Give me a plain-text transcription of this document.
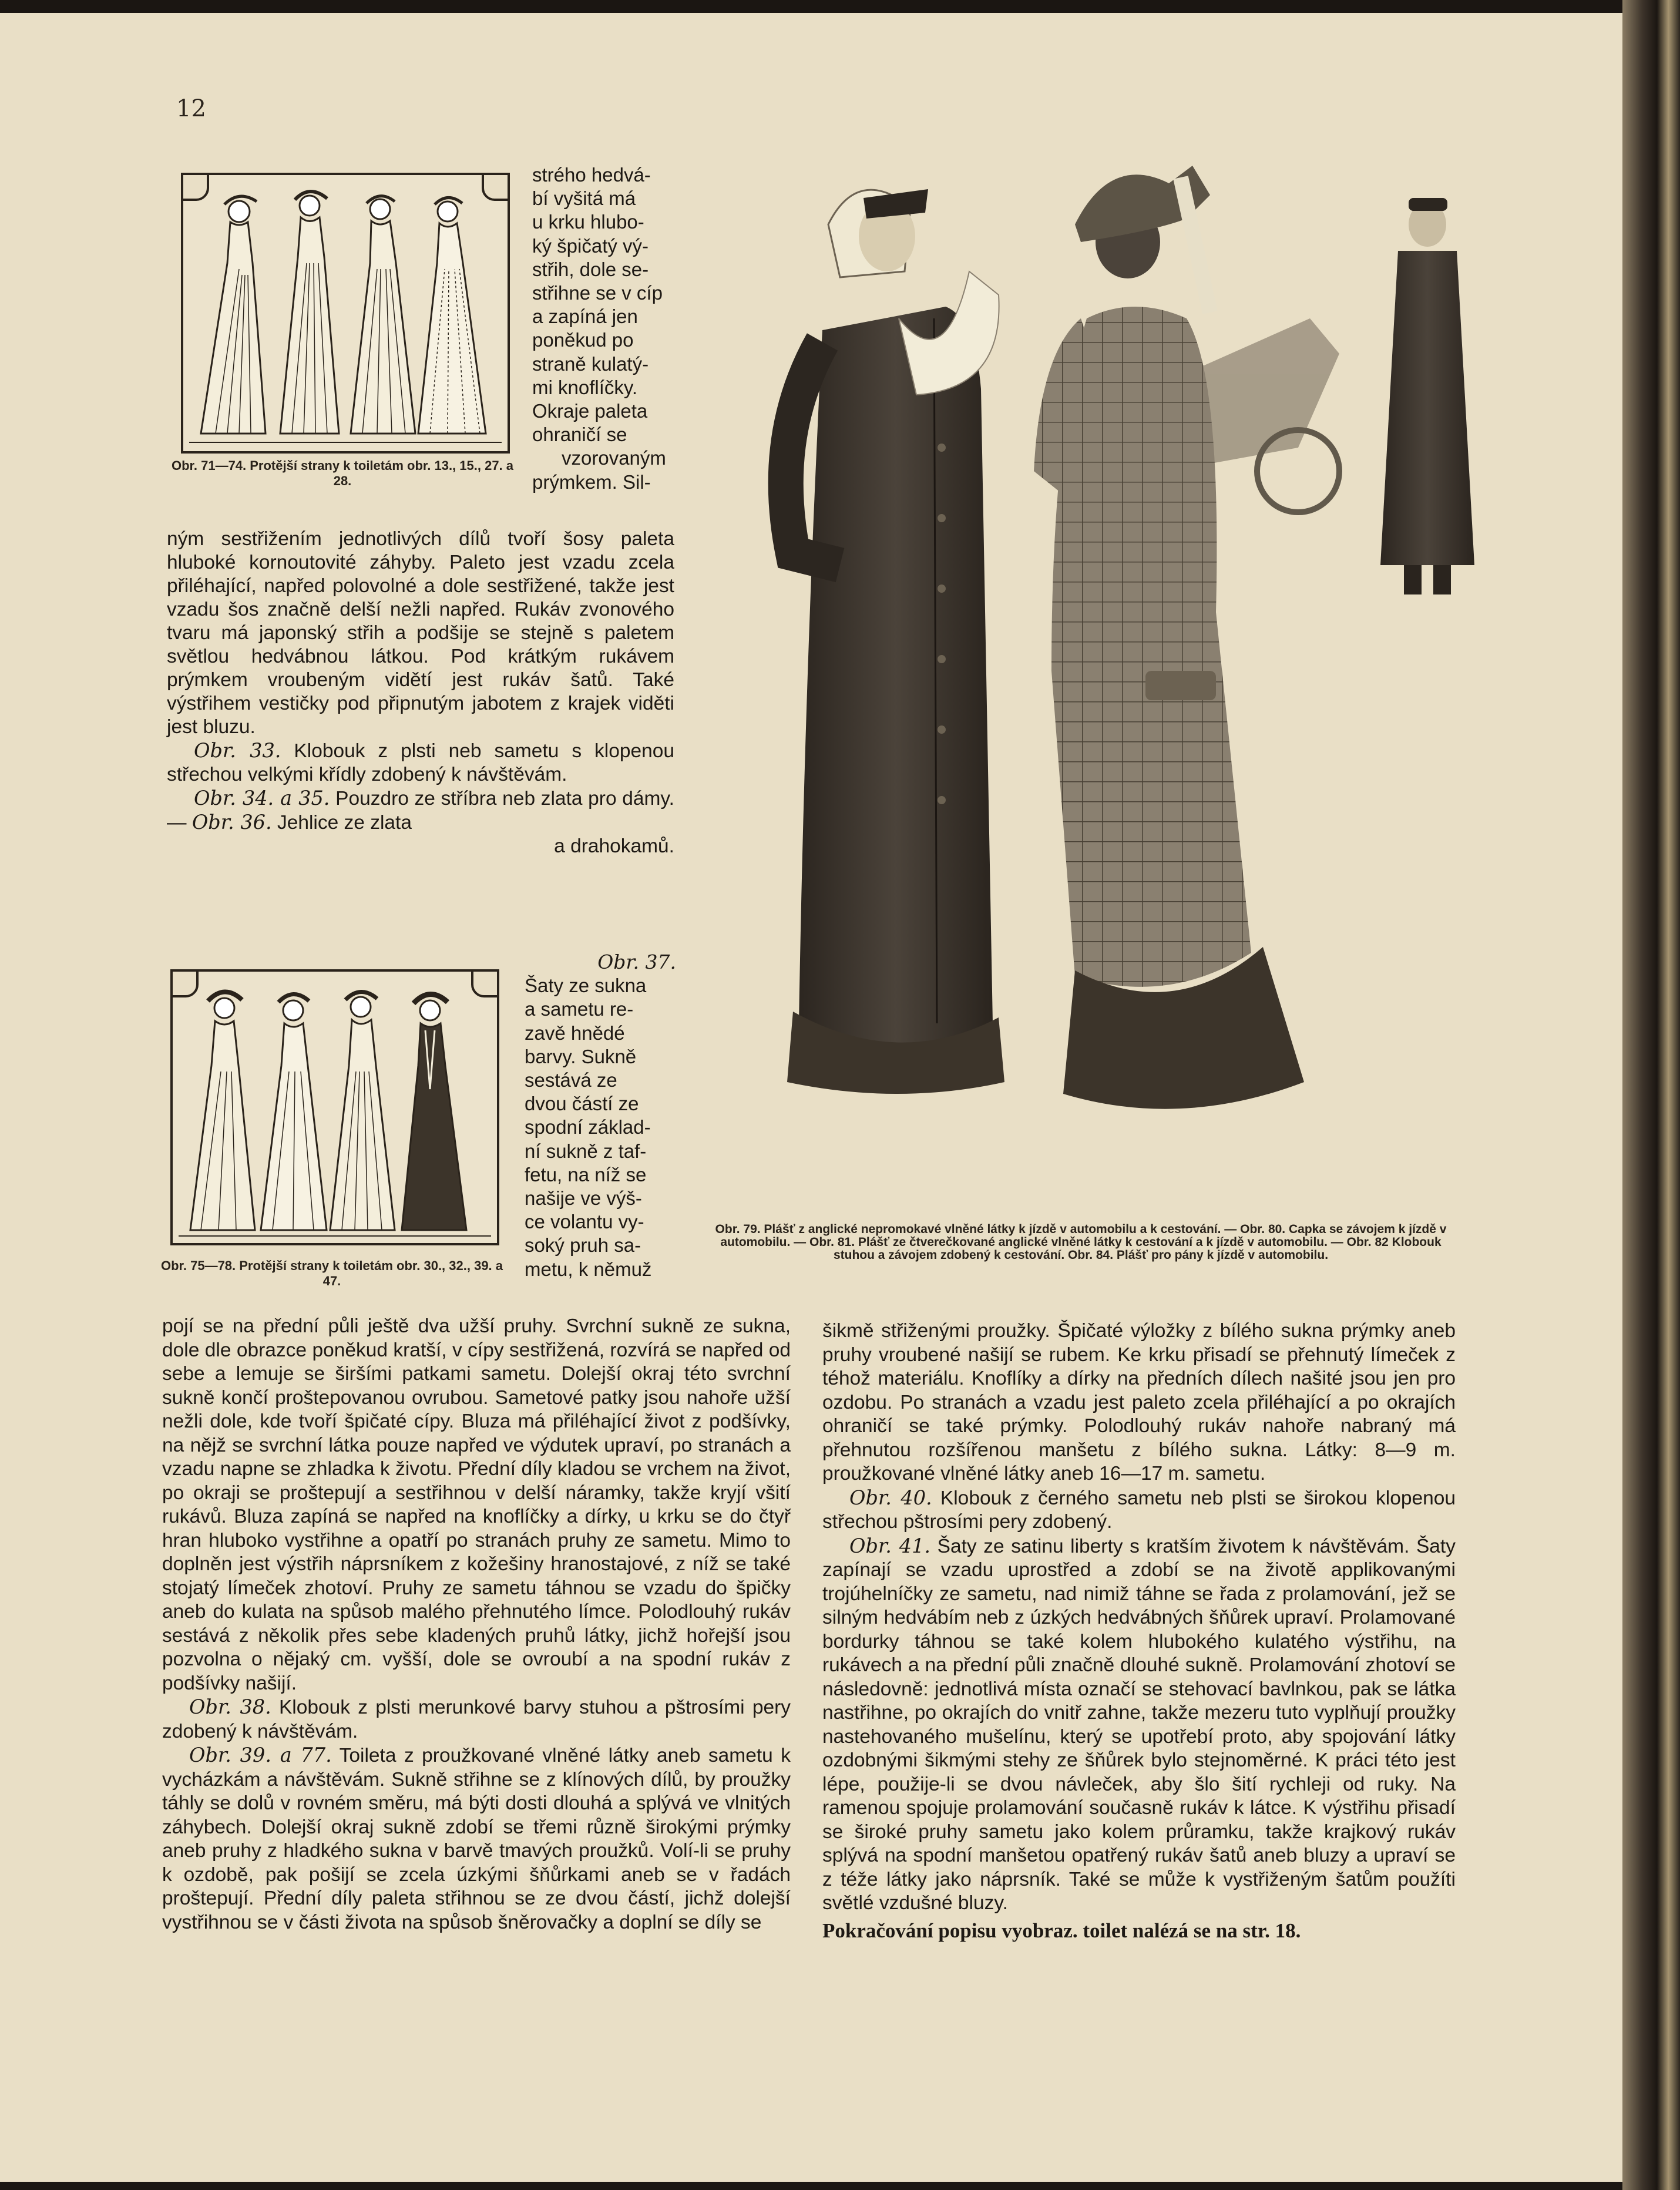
12
Obr. 71—74. Protější strany k toiletám obr. 13., 15., 27. a 28.
strého hedvá-
bí vyšitá má
u krku hlubo-
ký špičatý vý-
střih, dole se-
střihne se v cíp
a zapíná jen
poněkud po
straně kulatý-
mi knoflíčky.
Okraje paleta
ohraničí se
vzorovaným
prýmkem. Sil-

ným sestřižením jednotlivých dílů tvoří šosy paleta hluboké kornoutovité záhyby. Paleto jest vzadu zcela přiléhající, napřed polovolné a dole sestřižené, takže jest vzadu šos značně delší nežli napřed. Rukáv zvonového tvaru má japonský střih a podšije se stejně s paletem světlou hedvábnou látkou. Pod krátkým rukávem prýmkem vroubeným vidětí jest rukáv šatů. Také výstřihem vestičky pod připnutým jabotem z krajek viděti jest bluzu.

Obr. 33. Klobouk z plsti neb sametu s klopenou střechou velkými křídly zdobený k návštěvám.

Obr. 34. a 35. Pouzdro ze stříbra neb zlata pro dámy. — Obr. 36. Jehlice ze zlata

a drahokamů.
Obr. 75—78. Protější strany k toiletám obr. 30., 32., 39. a 47.
Obr. 37.
Šaty ze sukna
a sametu re-
zavě hnědé
barvy. Sukně
sestává ze
dvou částí ze
spodní základ-
ní sukně z taf-
fetu, na níž se
našije ve výš-
ce volantu vy-
soký pruh sa-
metu, k němuž

pojí se na přední půli ještě dva užší pruhy. Svrchní sukně ze sukna, dole dle obrazce poněkud kratší, v cípy sestřižená, rozvírá se napřed od sebe a lemuje se širšími patkami sametu. Dolejší okraj této svrchní sukně končí proštepovanou ovrubou. Sametové patky jsou nahoře užší nežli dole, kde tvoří špičaté cípy. Bluza má přiléhající život z podšívky, na nějž se svrchní látka pouze napřed ve výdutek upraví, po stranách a vzadu napne se zhladka k životu. Přední díly kladou se vrchem na život, po okraji se proštepují a sestřihnou v delší náramky, takže kryjí všití rukávů. Bluza zapíná se napřed na knoflíčky a dírky, u krku se do čtyř hran hluboko vystřihne a opatří po stranách pruhy ze sametu. Mimo to doplněn jest výstřih náprsníkem z kožešiny hranostajové, z níž se také stojatý límeček zhotoví. Pruhy ze sametu táhnou se vzadu do špičky aneb do kulata na spůsob malého přehnutého límce. Polodlouhý rukáv sestává z několik přes sebe kladených pruhů látky, jichž hořejší jsou pozvolna o nějaký cm. vyšší, dole se ovroubí a na spodní rukáv z podšívky našijí.

Obr. 38. Klobouk z plsti merunkové barvy stuhou a pštrosími pery zdobený k návštěvám.

Obr. 39. a 77. Toileta z proužkované vlněné látky aneb sametu k vycházkám a návštěvám. Sukně střihne se z klínových dílů, by proužky táhly se dolů v rovném směru, má býti dosti dlouhá a splývá ve vlnitých záhybech. Dolejší okraj sukně zdobí se třemi různě širokými prýmky aneb pruhy z hladkého sukna v barvě tmavých proužků. Volí-li se pruhy k ozdobě, pak pošijí se zcela úzkými šňůrkami aneb se v řadách proštepují. Přední díly paleta střihnou se ze dvou částí, jichž dolejší vystřihnou se v části života na spůsob šněrovačky a doplní se díly se

Obr. 79. Plášť z anglické nepromokavé vlněné látky k jízdě v automobilu a k cestování. — Obr. 80. Capka se závojem k jízdě v automobilu. — Obr. 81. Plášť ze čtverečkované anglické vlněné látky k cestování a k jízdě v automobilu. — Obr. 82 Klobouk stuhou a závojem zdobený k cestování. Obr. 84. Plášť pro pány k jízdě v automobilu.

šikmě střiženými proužky. Špičaté výložky z bílého sukna prýmky aneb pruhy vroubené našijí se rubem. Ke krku přisadí se přehnutý límeček z téhož materiálu. Knoflíky a dírky na předních dílech našité jsou jen pro ozdobu. Po stranách a vzadu jest paleto zcela přiléhající a po okrajích ohraničí se také prýmky. Polodlouhý rukáv nahoře nabraný má přehnutou rozšířenou manšetu z bílého sukna. Látky: 8—9 m. proužkované vlněné látky aneb 16—17 m. sametu.

Obr. 40. Klobouk z černého sametu neb plsti se širokou klopenou střechou pštrosími pery zdobený.

Obr. 41. Šaty ze satinu liberty s kratším životem k návštěvám. Šaty zapínají se vzadu uprostřed a zdobí se na životě applikovanými trojúhelníčky ze sametu, nad nimiž táhne se řada z prolamování, jež se silným hedvábím neb z úzkých hedvábných šňůrek upraví. Prolamované bordurky táhnou se také kolem hlubokého kulatého výstřihu, na rukávech a na přední půli značně dlouhé sukně. Prolamování zhotoví se následovně: jednotlivá místa označí se stehovací bavlnkou, pak se látka nastřihne, po okrajích do vnitř zahne, takže mezeru tuto vyplňují proužky nastehovaného mušelínu, který se upotřebí proto, aby spojování látky ozdobnými šikmými stehy ze šňůrek bylo stejnoměrné. K práci této jest lépe, použije-li se dvou návleček, aby šlo šití rychleji od ruky. Na ramenou spojuje prolamování současně rukáv k látce. K výstřihu přisadí se široké pruhy sametu jako kolem průramku, takže krajkový rukáv splývá na spodní manšetou opatřený rukáv šatů aneb bluzy a upraví se z téže látky jako náprsník. Také se může k vystřiženým šatům použíti světlé vzdušné bluzy.

Pokračování popisu vyobraz. toilet nalézá se na str. 18.
